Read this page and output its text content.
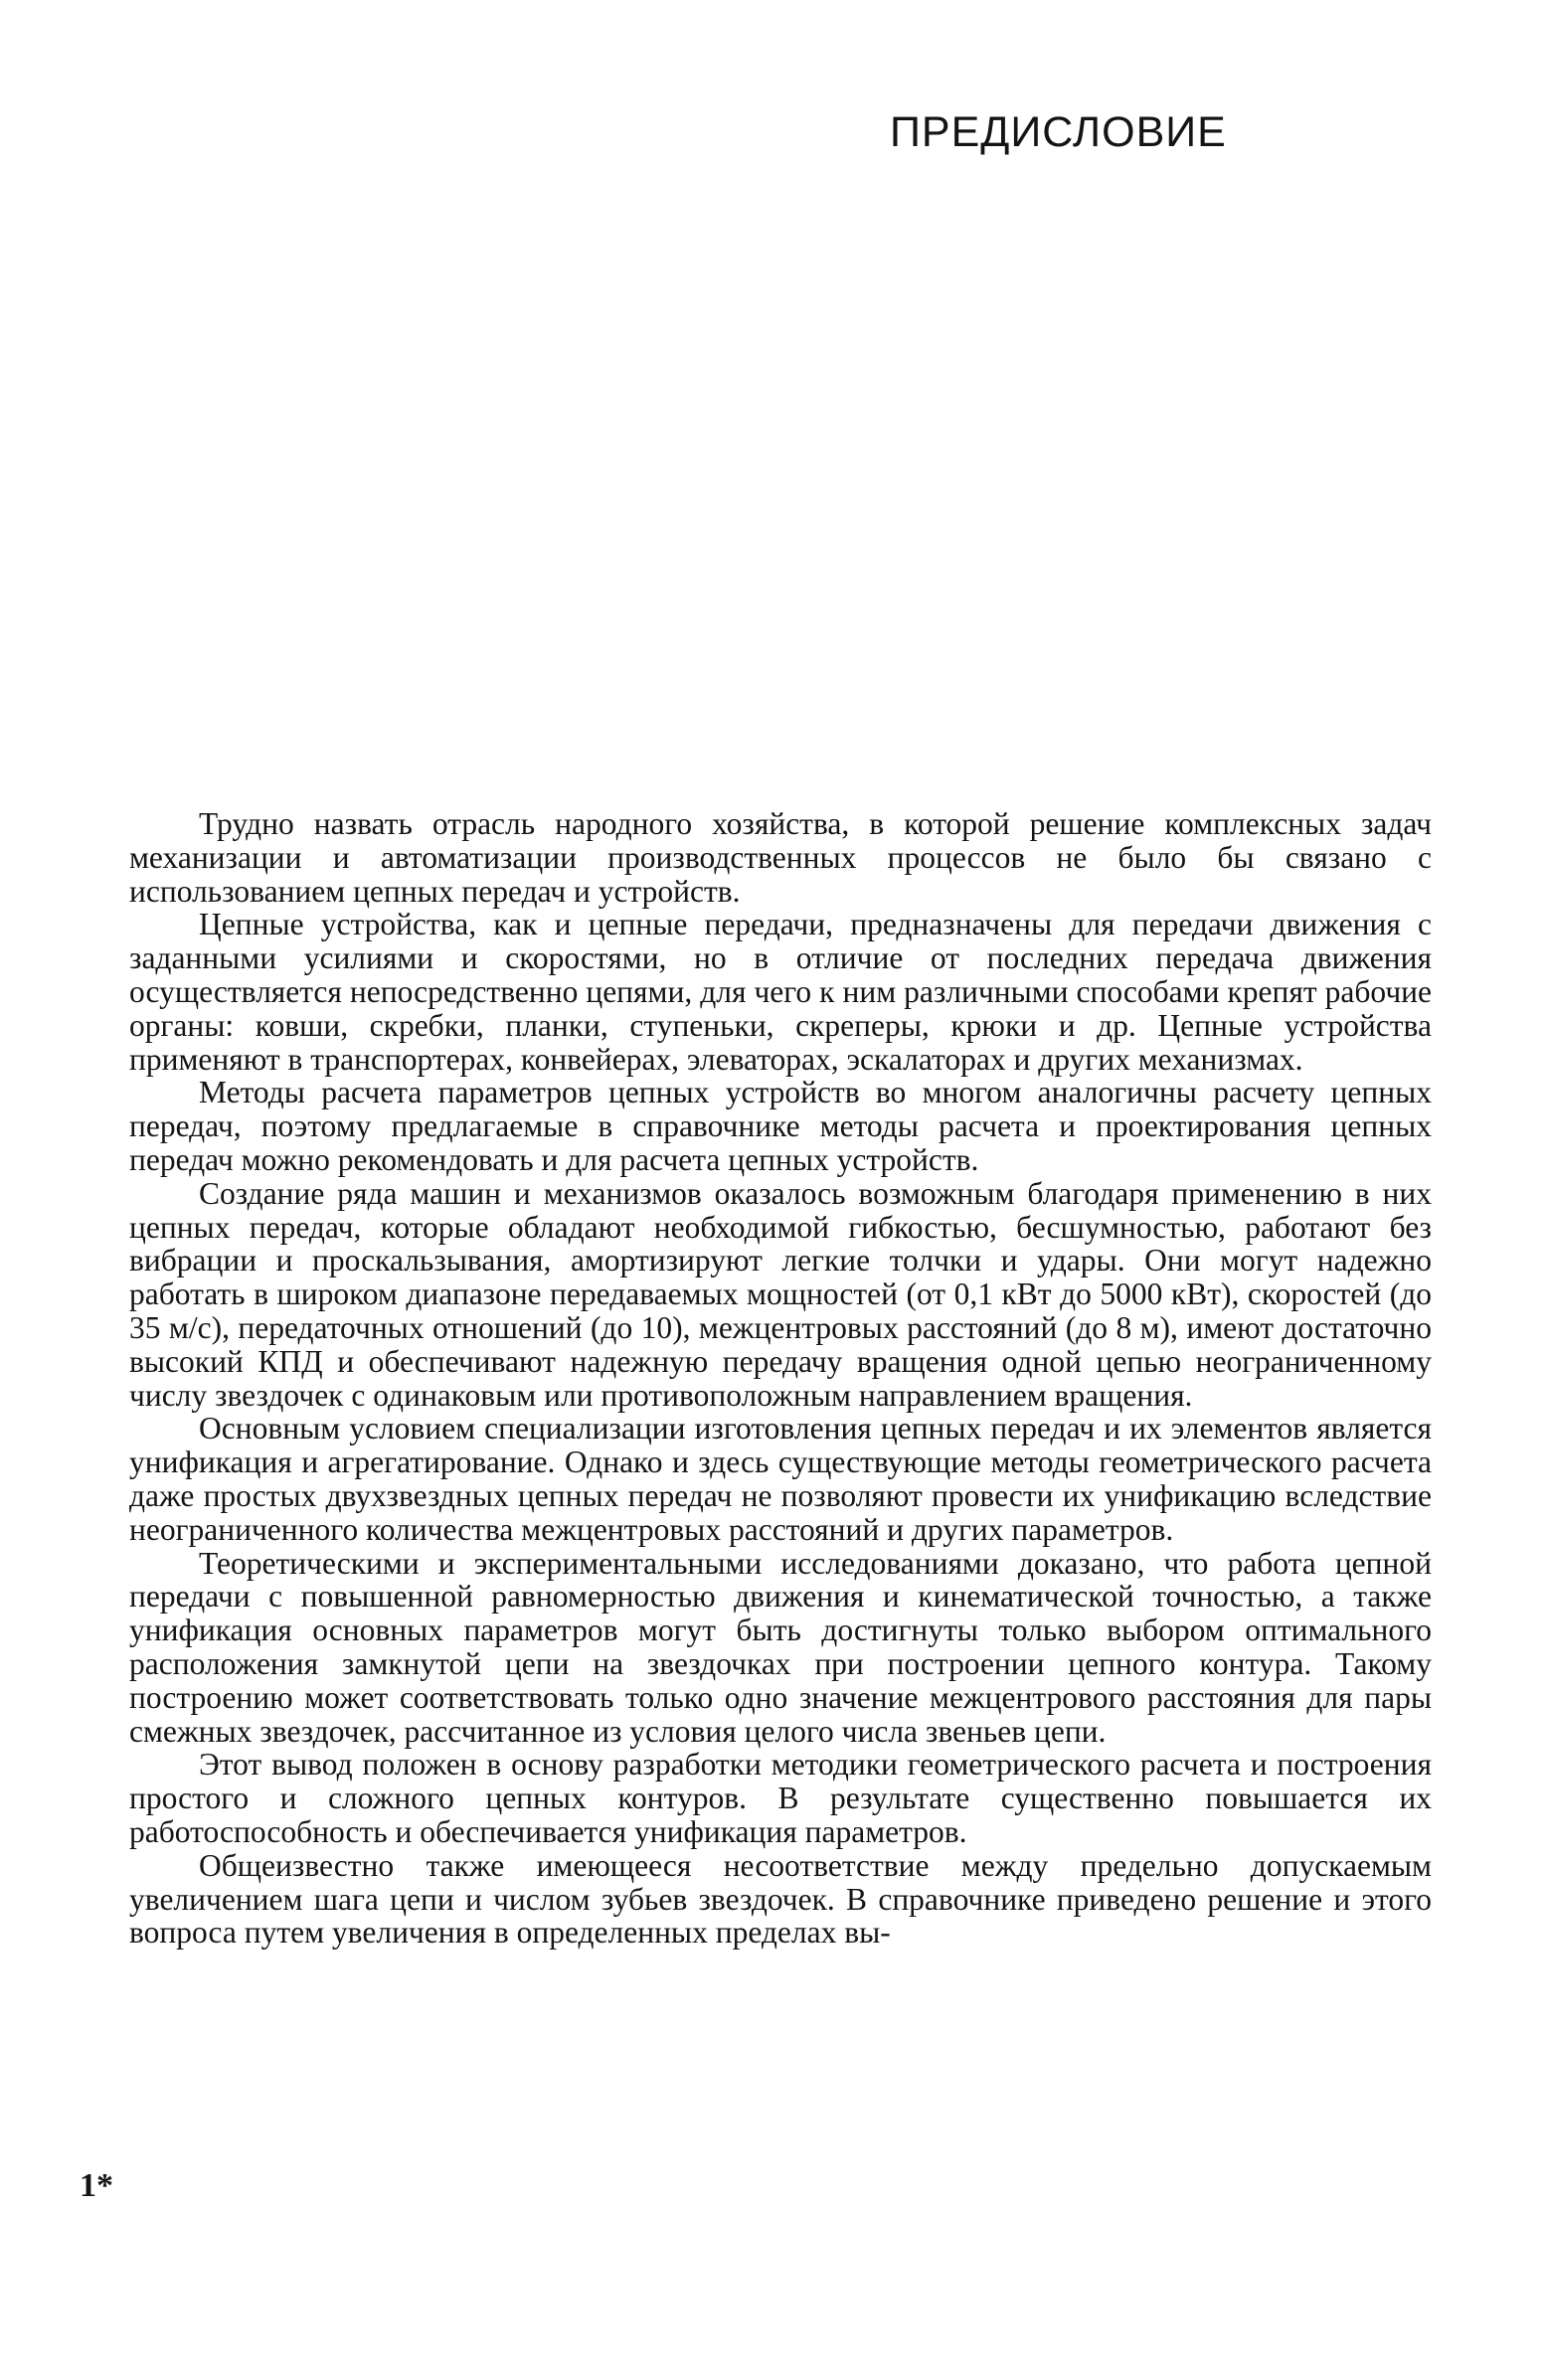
ПРЕДИСЛОВИЕ

Трудно назвать отрасль народного хозяйства, в которой решение комплексных задач механизации и автоматизации производственных процессов не было бы связано с использованием цепных передач и устройств.

Цепные устройства, как и цепные передачи, предназначены для передачи движения с заданными усилиями и скоростями, но в отличие от последних передача движения осуществляется непосредственно цепями, для чего к ним различными способами крепят рабочие органы: ковши, скребки, планки, ступеньки, скреперы, крюки и др. Цепные устройства применяют в транспортерах, конвейерах, элеваторах, эскалаторах и других механизмах.

Методы расчета параметров цепных устройств во многом аналогичны расчету цепных передач, поэтому предлагаемые в справочнике методы расчета и проектирования цепных передач можно рекомендовать и для расчета цепных устройств.

Создание ряда машин и механизмов оказалось возможным благодаря применению в них цепных передач, которые обладают необходимой гибкостью, бесшумностью, работают без вибрации и проскальзывания, амортизируют легкие толчки и удары. Они могут надежно работать в широком диапазоне передаваемых мощностей (от 0,1 кВт до 5000 кВт), скоростей (до 35 м/с), передаточных отношений (до 10), межцентровых расстояний (до 8 м), имеют достаточно высокий КПД и обеспечивают надежную передачу вращения одной цепью неограниченному числу звездочек с одинаковым или противоположным направлением вращения.

Основным условием специализации изготовления цепных передач и их элементов является унификация и агрегатирование. Однако и здесь существующие методы геометрического расчета даже простых двухзвездных цепных передач не позволяют провести их унификацию вследствие неограниченного количества межцентровых расстояний и других параметров.

Теоретическими и экспериментальными исследованиями доказано, что работа цепной передачи с повышенной равномерностью движения и кинематической точностью, а также унификация основных параметров могут быть достигнуты только выбором оптимального расположения замкнутой цепи на звездочках при построении цепного контура. Такому построению может соответствовать только одно значение межцентрового расстояния для пары смежных звездочек, рассчитанное из условия целого числа звеньев цепи.

Этот вывод положен в основу разработки методики геометрического расчета и построения простого и сложного цепных контуров. В результате существенно повышается их работоспособность и обеспечивается унификация параметров.

Общеизвестно также имеющееся несоответствие между предельно допускаемым увеличением шага цепи и числом зубьев звездочек. В справочнике приведено решение и этого вопроса путем увеличения в определенных пределах вы-

1*
